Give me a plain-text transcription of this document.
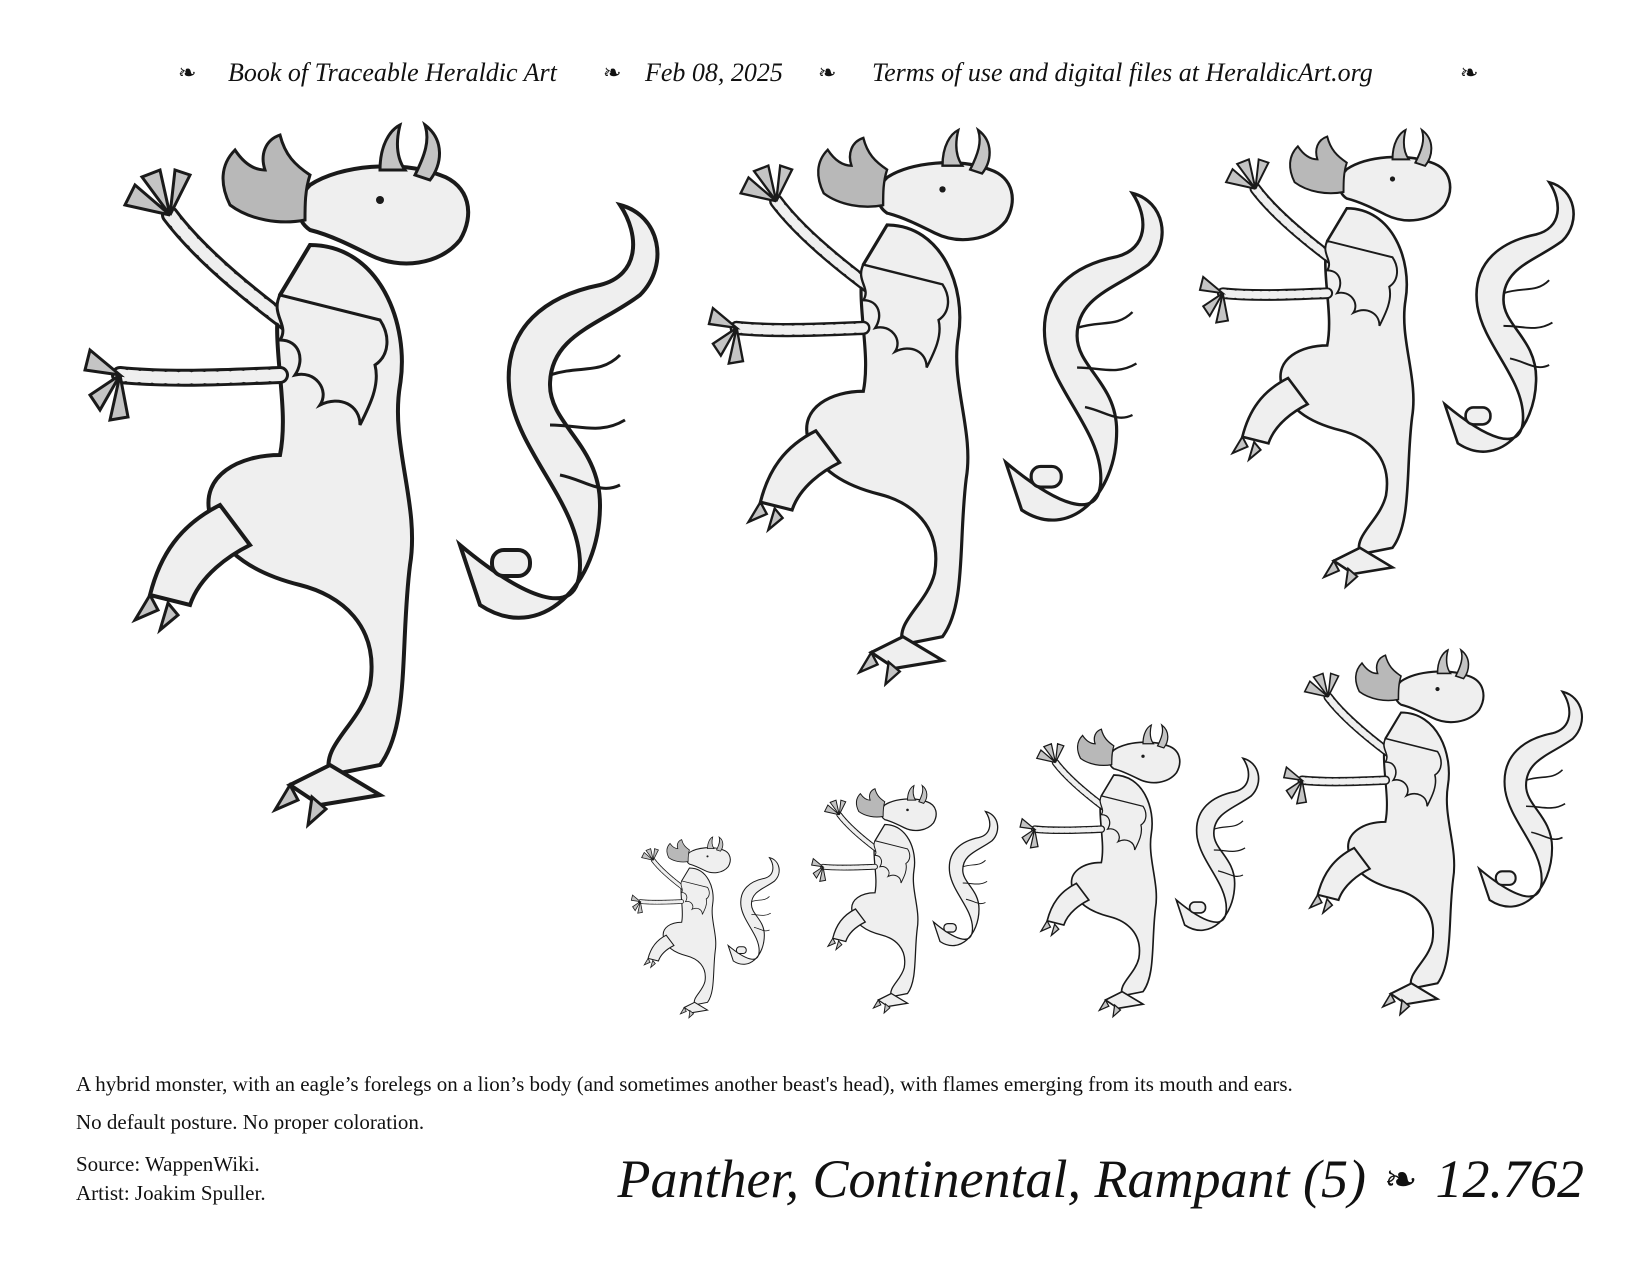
❧ Book of Traceable Heraldic Art ❧ Feb 08, 2025 ❧ Terms of use and digital files at HeraldicArt.org	❧
A hybrid monster, with an eagle’s forelegs on a lion’s body (and sometimes another beast's head), with flames emerging from its mouth and ears.
No default posture. No proper coloration.
Source: WappenWiki.
Artist: Joakim Spuller.	Panther, Continental, Rampant (5) ❧ 12.762
